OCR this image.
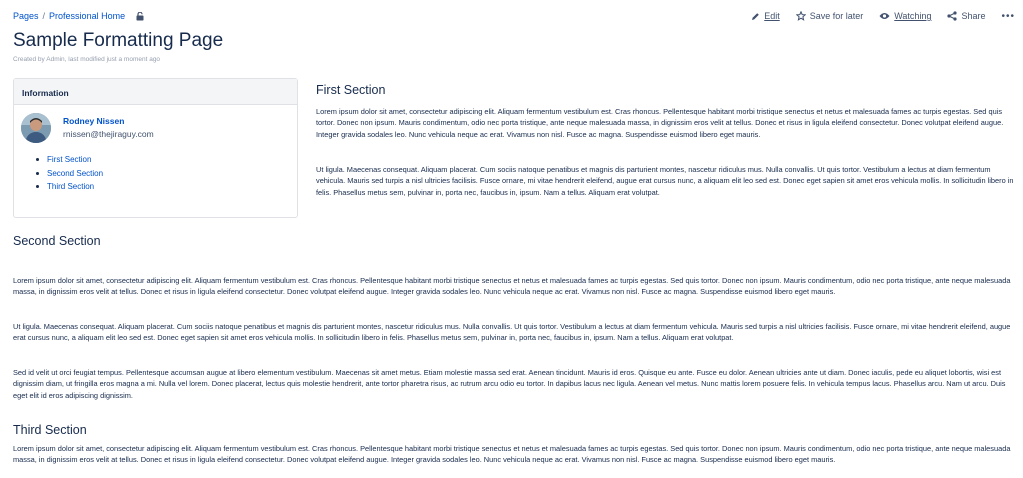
Pages / Professional Home	Edit	Save for later	Watching	Share •••
Sample Formatting Page
Created by Admin, last modified just a moment ago
Information
Rodney Nissen
rnissen@thejiraguy.com
First Section
Second Section
Third Section
First Section

Lorem ipsum dolor sit amet, consectetur adipiscing elit. Aliquam fermentum vestibulum est. Cras rhoncus. Pellentesque habitant morbi tristique senectus et netus et malesuada fames ac turpis egestas. Sed quis tortor. Donec non ipsum. Mauris condimentum, odio nec porta tristique, ante neque malesuada massa, in dignissim eros velit at tellus. Donec et risus in ligula eleifend consectetur. Donec volutpat eleifend augue. Integer gravida sodales leo. Nunc vehicula neque ac erat. Vivamus non nisl. Fusce ac magna. Suspendisse euismod libero eget mauris.

Ut ligula. Maecenas consequat. Aliquam placerat. Cum sociis natoque penatibus et magnis dis parturient montes, nascetur ridiculus mus. Nulla convallis. Ut quis tortor. Vestibulum a lectus at diam fermentum vehicula. Mauris sed turpis a nisl ultricies facilisis. Fusce ornare, mi vitae hendrerit eleifend, augue erat cursus nunc, a aliquam elit leo sed est. Donec eget sapien sit amet eros vehicula mollis. In sollicitudin libero in felis. Phasellus metus sem, pulvinar in, porta nec, faucibus in, ipsum. Nam a tellus. Aliquam erat volutpat.

Second Section

Lorem ipsum dolor sit amet, consectetur adipiscing elit. Aliquam fermentum vestibulum est. Cras rhoncus. Pellentesque habitant morbi tristique senectus et netus et malesuada fames ac turpis egestas. Sed quis tortor. Donec non ipsum. Mauris condimentum, odio nec porta tristique, ante neque malesuada massa, in dignissim eros velit at tellus. Donec et risus in ligula eleifend consectetur. Donec volutpat eleifend augue. Integer gravida sodales leo. Nunc vehicula neque ac erat. Vivamus non nisl. Fusce ac magna. Suspendisse euismod libero eget mauris.

Ut ligula. Maecenas consequat. Aliquam placerat. Cum sociis natoque penatibus et magnis dis parturient montes, nascetur ridiculus mus. Nulla convallis. Ut quis tortor. Vestibulum a lectus at diam fermentum vehicula. Mauris sed turpis a nisl ultricies facilisis. Fusce ornare, mi vitae hendrerit eleifend, augue erat cursus nunc, a aliquam elit leo sed est. Donec eget sapien sit amet eros vehicula mollis. In sollicitudin libero in felis. Phasellus metus sem, pulvinar in, porta nec, faucibus in, ipsum. Nam a tellus. Aliquam erat volutpat.

Sed id velit ut orci feugiat tempus. Pellentesque accumsan augue at libero elementum vestibulum. Maecenas sit amet metus. Etiam molestie massa sed erat. Aenean tincidunt. Mauris id eros. Quisque eu ante. Fusce eu dolor. Aenean ultricies ante ut diam. Donec iaculis, pede eu aliquet lobortis, wisi est dignissim diam, ut fringilla eros magna a mi. Nulla vel lorem. Donec placerat, lectus quis molestie hendrerit, ante tortor pharetra risus, ac rutrum arcu odio eu tortor. In dapibus lacus nec ligula. Aenean vel metus. Nunc mattis lorem posuere felis. In vehicula tempus lacus. Phasellus arcu. Nam ut arcu. Duis eget elit id eros adipiscing dignissim.

Third Section

Lorem ipsum dolor sit amet, consectetur adipiscing elit. Aliquam fermentum vestibulum est. Cras rhoncus. Pellentesque habitant morbi tristique senectus et netus et malesuada fames ac turpis egestas. Sed quis tortor. Donec non ipsum. Mauris condimentum, odio nec porta tristique, ante neque malesuada massa, in dignissim eros velit at tellus. Donec et risus in ligula eleifend consectetur. Donec volutpat eleifend augue. Integer gravida sodales leo. Nunc vehicula neque ac erat. Vivamus non nisl. Fusce ac magna. Suspendisse euismod libero eget mauris.
